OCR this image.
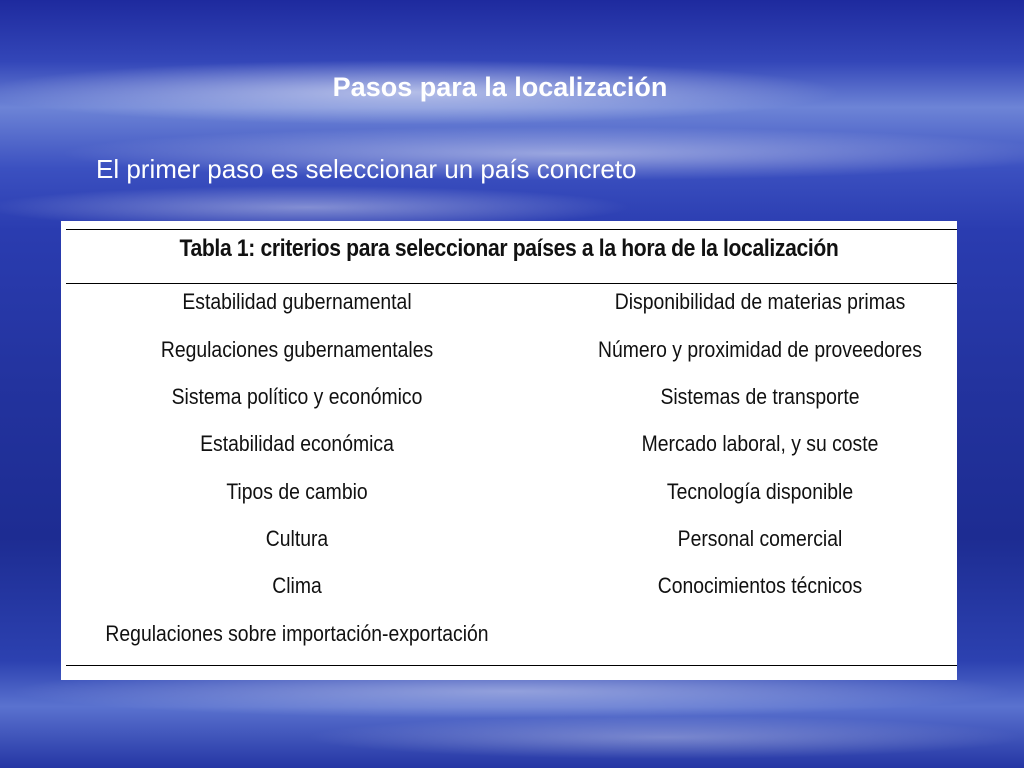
Pasos para la localización
El primer paso es seleccionar un país concreto
Tabla 1: criterios para seleccionar países a la hora de la localización
Estabilidad gubernamental	Disponibilidad de materias primas
Regulaciones gubernamentales	Número y proximidad de proveedores
Sistema político y económico	Sistemas de transporte
Estabilidad económica	Mercado laboral, y su coste
Tipos de cambio	Tecnología disponible
Cultura	Personal comercial
Clima	Conocimientos técnicos
Regulaciones sobre importación-exportación
